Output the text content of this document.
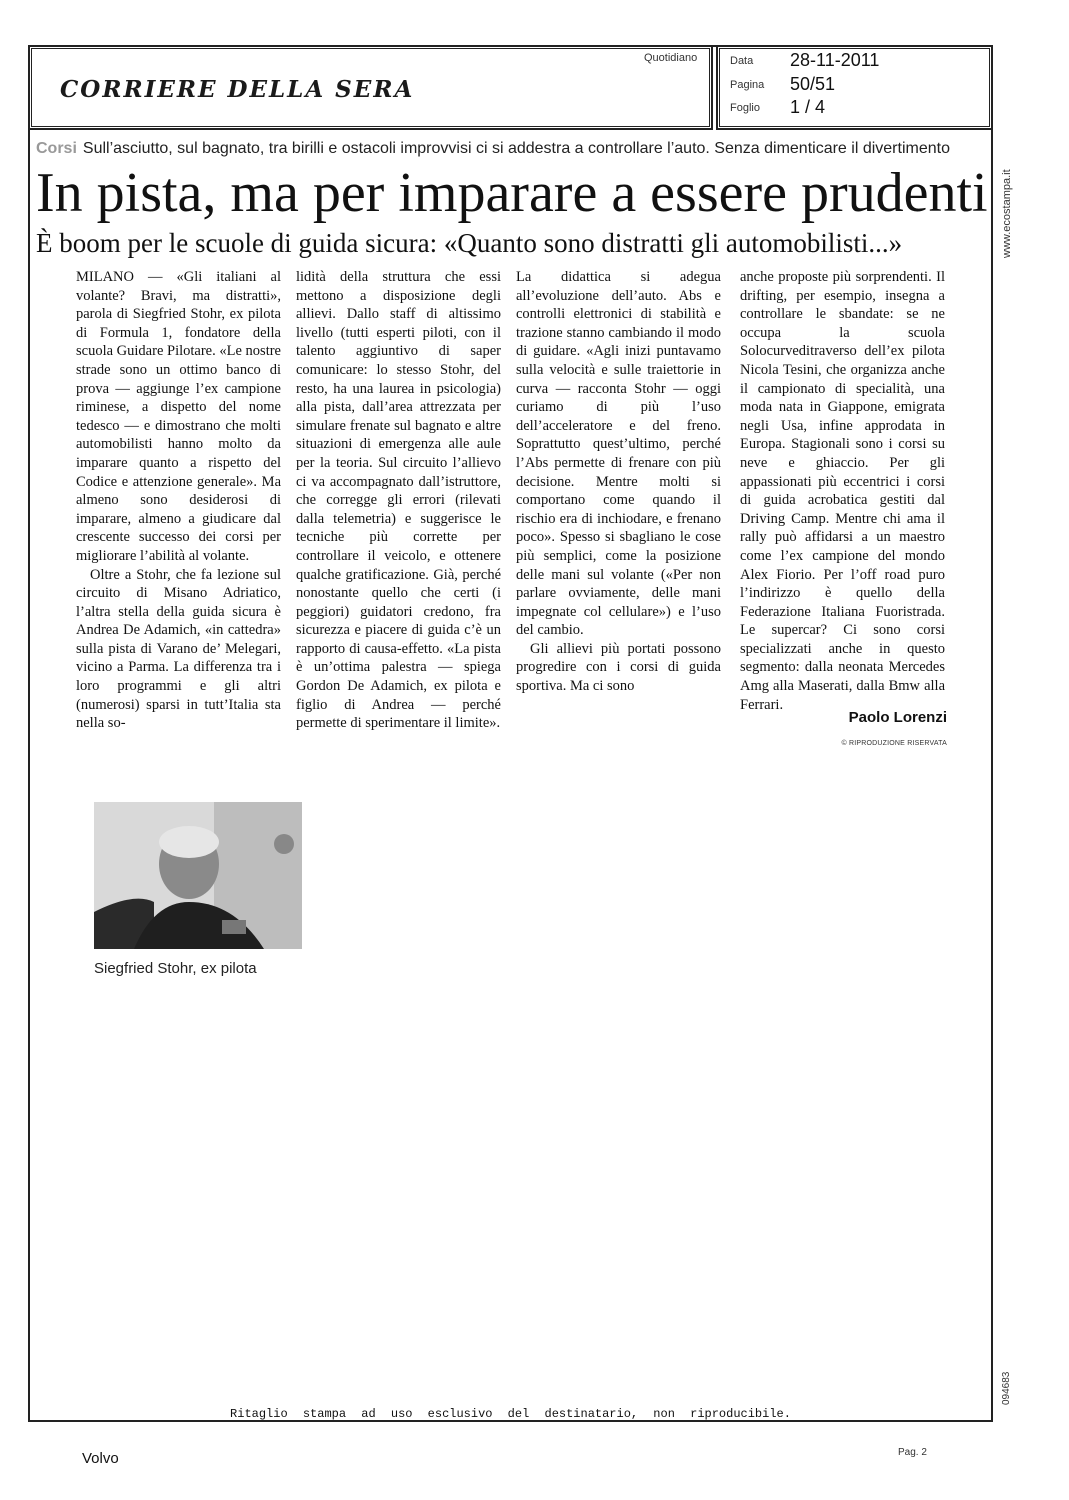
CORRIERE DELLA SERA
Quotidiano	Data 28-11-2011
Pagina 50/51
Foglio 1 / 4
Corsi Sull’asciutto, sul bagnato, tra birilli e ostacoli improvvisi ci si addestra a controllare l’auto. Senza dimenticare il divertimento
In pista, ma per imparare a essere prudenti
È boom per le scuole di guida sicura: «Quanto sono distratti gli automobilisti...»

MILANO — «Gli italiani al volante? Bravi, ma distratti», parola di Siegfried Stohr, ex pilota di Formula 1, fondatore della scuola Guidare Pilotare. «Le nostre strade sono un ottimo banco di prova — aggiunge l’ex campione riminese, a dispetto del nome tedesco — e dimostrano che molti automobilisti hanno molto da imparare quanto a rispetto del Codice e attenzione generale». Ma almeno sono desiderosi di imparare, almeno a giudicare dal crescente successo dei corsi per migliorare l’abilità al volante.

Oltre a Stohr, che fa lezione sul circuito di Misano Adriatico, l’altra stella della guida sicura è Andrea De Adamich, «in cattedra» sulla pista di Varano de’ Melegari, vicino a Parma. La differenza tra i loro programmi e gli altri (numerosi) sparsi in tutt’Italia sta nella so-

lidità della struttura che essi mettono a disposizione degli allievi. Dallo staff di altissimo livello (tutti esperti piloti, con il talento aggiuntivo di saper comunicare: lo stesso Stohr, del resto, ha una laurea in psicologia) alla pista, dall’area attrezzata per simulare frenate sul bagnato e altre situazioni di emergenza alle aule per la teoria. Sul circuito l’allievo ci va accompagnato dall’istruttore, che corregge gli errori (rilevati dalla telemetria) e suggerisce le tecniche più corrette per controllare il veicolo, e ottenere qualche gratificazione. Già, perché nonostante quello che certi (i peggiori) guidatori credono, fra sicurezza e piacere di guida c’è un rapporto di causa-effetto. «La pista è un’ottima palestra — spiega Gordon De Adamich, ex pilota e figlio di Andrea — perché permette di sperimentare il limite».

La didattica si adegua all’evoluzione dell’auto. Abs e controlli elettronici di stabilità e trazione stanno cambiando il modo di guidare. «Agli inizi puntavamo sulla velocità e sulle traiettorie in curva — racconta Stohr — oggi curiamo di più l’uso dell’acceleratore e del freno. Soprattutto quest’ultimo, perché l’Abs permette di frenare con più decisione. Mentre molti si comportano come quando il rischio era di inchiodare, e frenano poco». Spesso si sbagliano le cose più semplici, come la posizione delle mani sul volante («Per non parlare ovviamente, delle mani impegnate col cellulare») e l’uso del cambio.

Gli allievi più portati possono progredire con i corsi di guida sportiva. Ma ci sono

anche proposte più sorprendenti. Il drifting, per esempio, insegna a controllare le sbandate: se ne occupa la scuola Solocurveditraverso dell’ex pilota Nicola Tesini, che organizza anche il campionato di specialità, una moda nata in Giappone, emigrata negli Usa, infine approdata in Europa. Stagionali sono i corsi su neve e ghiaccio. Per gli appassionati più eccentrici i corsi di guida acrobatica gestiti dal Driving Camp. Mentre chi ama il rally può affidarsi a un maestro come l’ex campione del mondo Alex Fiorio. Per l’off road puro l’indirizzo è quello della Federazione Italiana Fuoristrada. Le supercar? Ci sono corsi specializzati anche in questo segmento: dalla neonata Mercedes Amg alla Maserati, dalla Bmw alla Ferrari.

Paolo Lorenzi
© RIPRODUZIONE RISERVATA
Siegfried Stohr, ex pilota
www.ecostampa.it
094683
Ritaglio stampa ad uso esclusivo del destinatario, non riproducibile.
Volvo	Pag. 2
